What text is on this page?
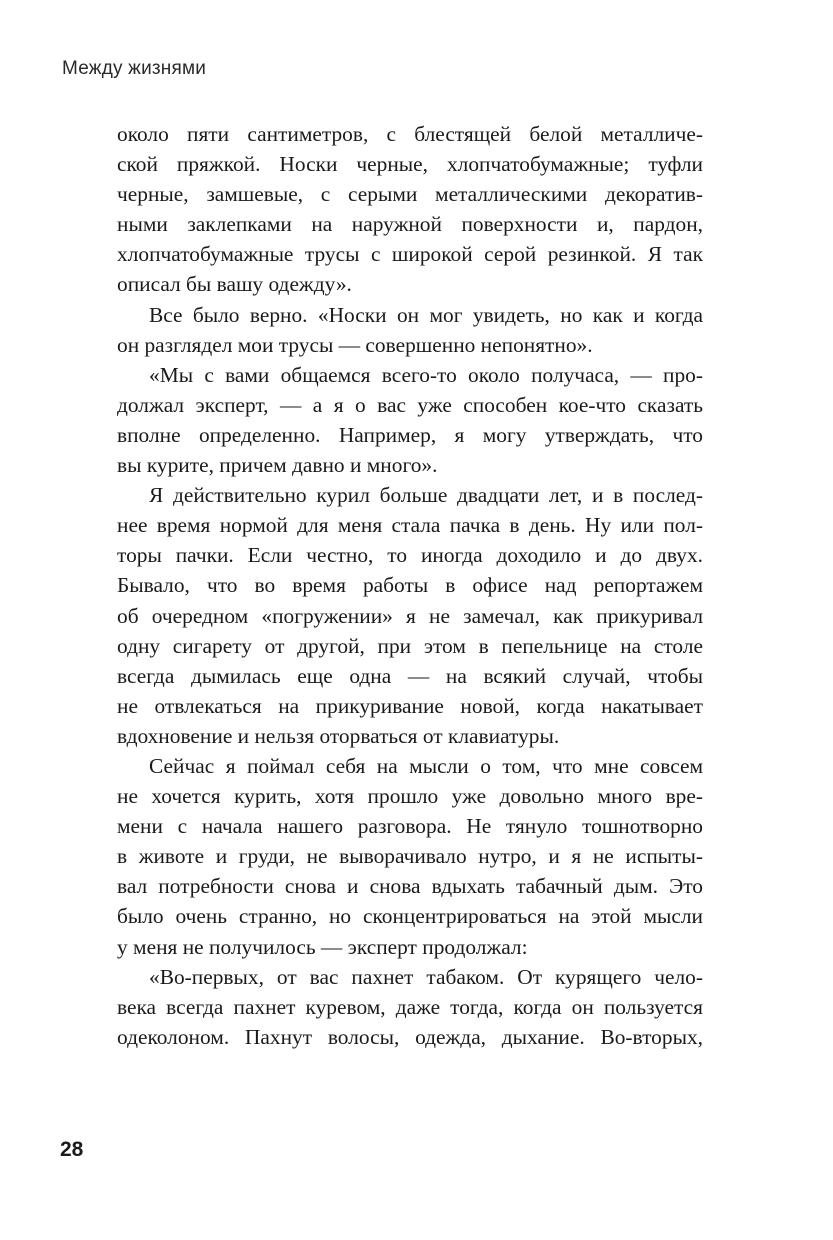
Между жизнями

около пяти сантиметров, с блестящей белой металличе-
ской пряжкой. Носки черные, хлопчатобумажные; туфли
черные, замшевые, с серыми металлическими декоратив-
ными заклепками на наружной поверхности и, пардон,
хлопчатобумажные трусы с широкой серой резинкой. Я так
описал бы вашу одежду».

Все было верно. «Носки он мог увидеть, но как и когда
он разглядел мои трусы — совершенно непонятно».

«Мы с вами общаемся всего-то около получаса, — про-
должал эксперт, — а я о вас уже способен кое-что сказать
вполне определенно. Например, я могу утверждать, что
вы курите, причем давно и много».

Я действительно курил больше двадцати лет, и в послед-
нее время нормой для меня стала пачка в день. Ну или пол-
торы пачки. Если честно, то иногда доходило и до двух.
Бывало, что во время работы в офисе над репортажем
об очередном «погружении» я не замечал, как прикуривал
одну сигарету от другой, при этом в пепельнице на столе
всегда дымилась еще одна — на всякий случай, чтобы
не отвлекаться на прикуривание новой, когда накатывает
вдохновение и нельзя оторваться от клавиатуры.

Сейчас я поймал себя на мысли о том, что мне совсем
не хочется курить, хотя прошло уже довольно много вре-
мени с начала нашего разговора. Не тянуло тошнотворно
в животе и груди, не выворачивало нутро, и я не испыты-
вал потребности снова и снова вдыхать табачный дым. Это
было очень странно, но сконцентрироваться на этой мысли
у меня не получилось — эксперт продолжал:

«Во-первых, от вас пахнет табаком. От курящего чело-
века всегда пахнет куревом, даже тогда, когда он пользуется
одеколоном. Пахнут волосы, одежда, дыхание. Во-вторых,

28
